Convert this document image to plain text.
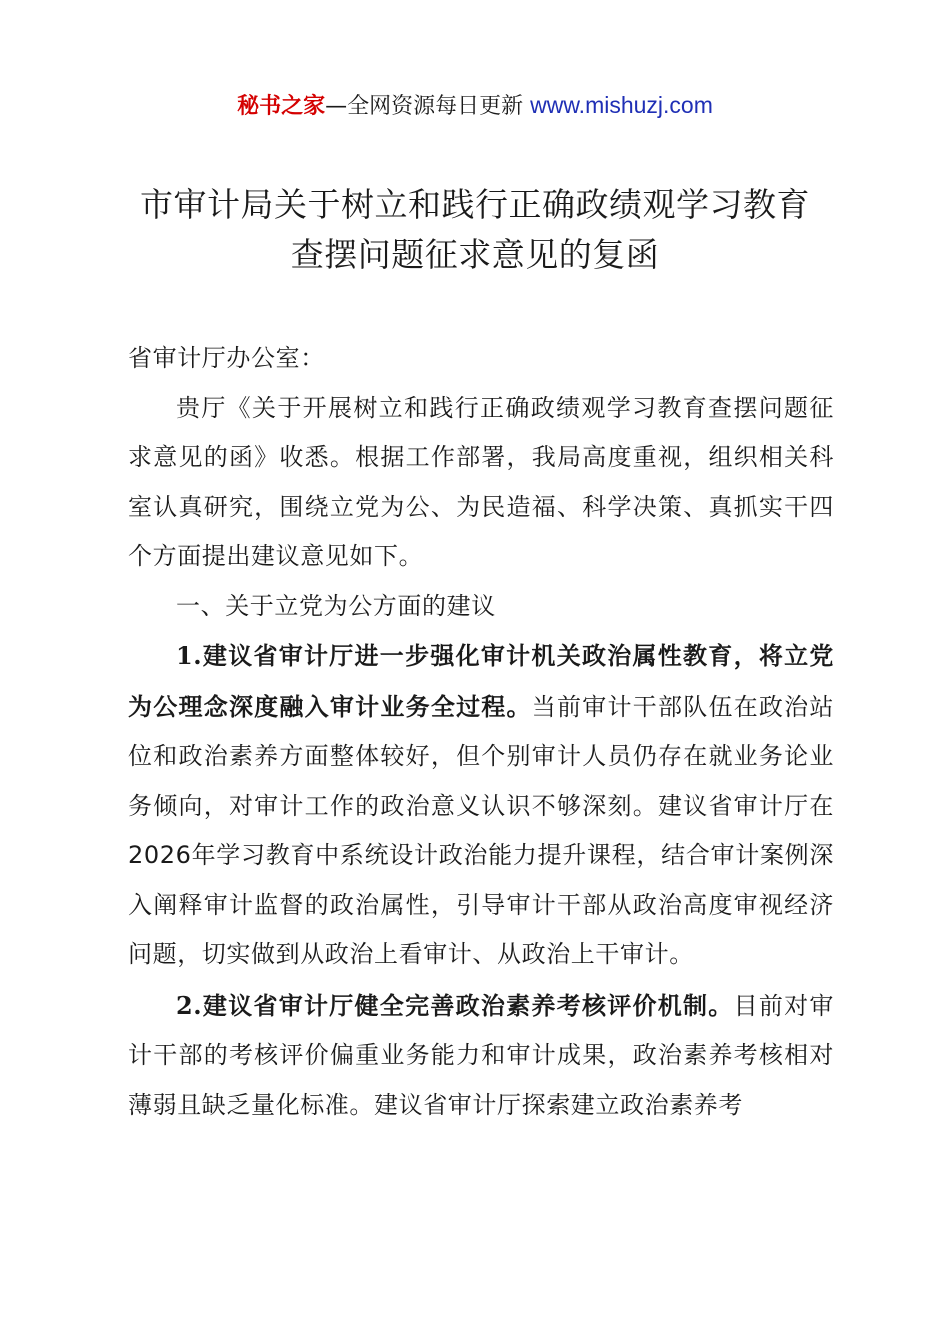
秘书之家—全网资源每日更新 www.mishuzj.com
市审计局关于树立和践行正确政绩观学习教育
查摆问题征求意见的复函

省审计厅办公室：

贵厅《关于开展树立和践行正确政绩观学习教育查摆问题征求意见的函》收悉。根据工作部署，我局高度重视，组织相关科室认真研究，围绕立党为公、为民造福、科学决策、真抓实干四个方面提出建议意见如下。

一、关于立党为公方面的建议

1.建议省审计厅进一步强化审计机关政治属性教育，将立党为公理念深度融入审计业务全过程。当前审计干部队伍在政治站位和政治素养方面整体较好，但个别审计人员仍存在就业务论业务倾向，对审计工作的政治意义认识不够深刻。建议省审计厅在2026年学习教育中系统设计政治能力提升课程，结合审计案例深入阐释审计监督的政治属性，引导审计干部从政治高度审视经济问题，切实做到从政治上看审计、从政治上干审计。

2.建议省审计厅健全完善政治素养考核评价机制。目前对审计干部的考核评价偏重业务能力和审计成果，政治素养考核相对薄弱且缺乏量化标准。建议省审计厅探索建立政治素养考
